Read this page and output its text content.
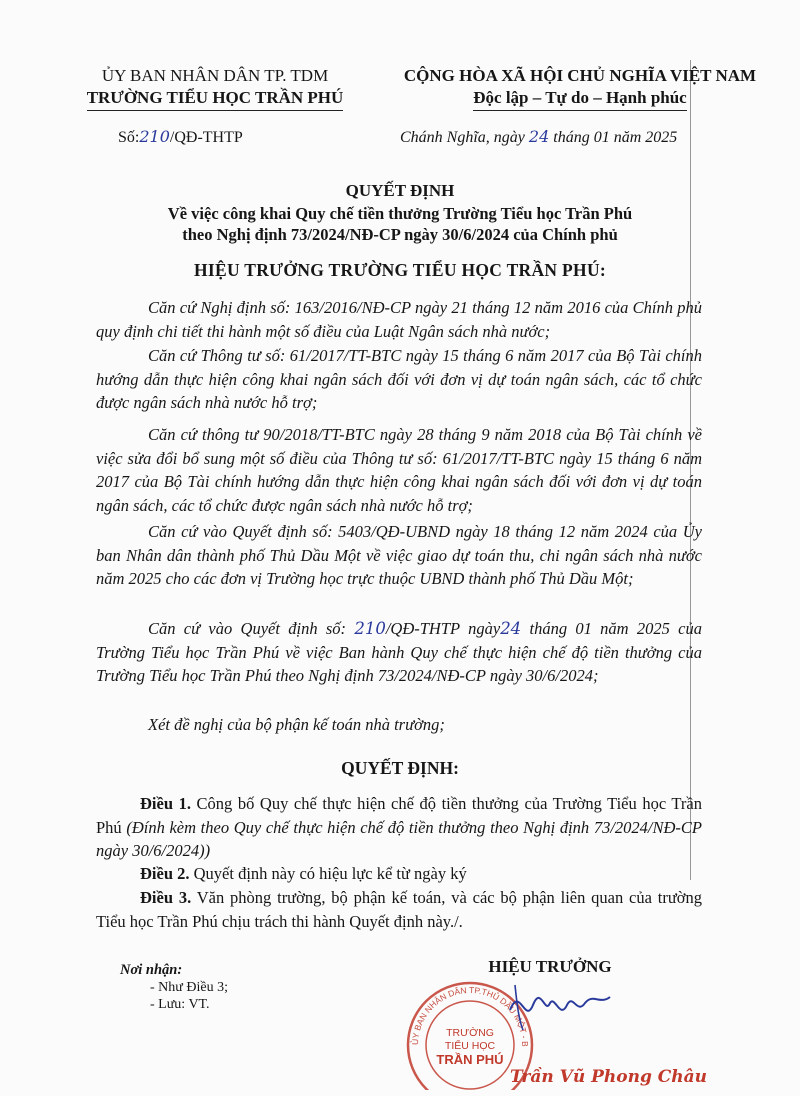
ỦY BAN NHÂN DÂN TP. TDM
TRƯỜNG TIỂU HỌC TRẦN PHÚ
CỘNG HÒA XÃ HỘI CHỦ NGHĨA VIỆT NAM
Độc lập – Tự do – Hạnh phúc
Số:210/QĐ-THTP	Chánh Nghĩa, ngày 24 tháng 01 năm 2025
QUYẾT ĐỊNH
Về việc công khai Quy chế tiền thưởng Trường Tiểu học Trần Phú
theo Nghị định 73/2024/NĐ-CP ngày 30/6/2024 của Chính phủ
HIỆU TRƯỞNG TRƯỜNG TIỂU HỌC TRẦN PHÚ:
Căn cứ Nghị định số: 163/2016/NĐ-CP ngày 21 tháng 12 năm 2016 của Chính phủ quy định chi tiết thi hành một số điều của Luật Ngân sách nhà nước;
Căn cứ Thông tư số: 61/2017/TT-BTC ngày 15 tháng 6 năm 2017 của Bộ Tài chính hướng dẫn thực hiện công khai ngân sách đối với đơn vị dự toán ngân sách, các tổ chức được ngân sách nhà nước hỗ trợ;
Căn cứ thông tư 90/2018/TT-BTC ngày 28 tháng 9 năm 2018 của Bộ Tài chính về việc sửa đổi bổ sung một số điều của Thông tư số: 61/2017/TT-BTC ngày 15 tháng 6 năm 2017 của Bộ Tài chính hướng dẫn thực hiện công khai ngân sách đối với đơn vị dự toán ngân sách, các tổ chức được ngân sách nhà nước hỗ trợ;
Căn cứ vào Quyết định số: 5403/QĐ-UBND ngày 18 tháng 12 năm 2024 của Ủy ban Nhân dân thành phố Thủ Dầu Một về việc giao dự toán thu, chi ngân sách nhà nước năm 2025 cho các đơn vị Trường học trực thuộc UBND thành phố Thủ Dầu Một;
Căn cứ vào Quyết định số: 210/QĐ-THTP ngày24 tháng 01 năm 2025 của Trường Tiểu học Trần Phú về việc Ban hành Quy chế thực hiện chế độ tiền thưởng của Trường Tiểu học Trần Phú theo Nghị định 73/2024/NĐ-CP ngày 30/6/2024;
Xét đề nghị của bộ phận kế toán nhà trường;
QUYẾT ĐỊNH:
Điều 1. Công bố Quy chế thực hiện chế độ tiền thưởng của Trường Tiểu học Trần Phú (Đính kèm theo Quy chế thực hiện chế độ tiền thưởng theo Nghị định 73/2024/NĐ-CP ngày 30/6/2024))
Điều 2. Quyết định này có hiệu lực kể từ ngày ký
Điều 3. Văn phòng trường, bộ phận kế toán, và các bộ phận liên quan của trường Tiểu học Trần Phú chịu trách thi hành Quyết định này./.
Nơi nhận:
- Như Điều 3;
- Lưu: VT.
ỦY BAN NHÂN DÂN TP.THỦ DẦU MỘT - B
TRƯỜNG
TIỂU HỌC
TRẦN PHÚ
HIỆU TRƯỞNG
Trần Vũ Phong Châu
